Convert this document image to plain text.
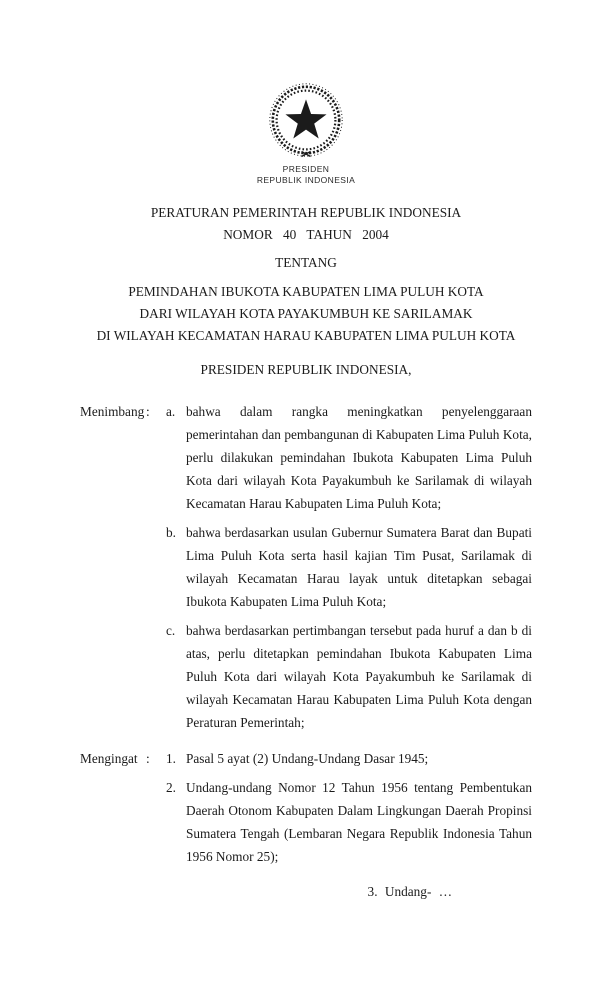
PRESIDEN
REPUBLIK INDONESIA
PERATURAN PEMERINTAH REPUBLIK INDONESIA
NOMOR 40 TAHUN 2004
TENTANG
PEMINDAHAN IBUKOTA KABUPATEN LIMA PULUH KOTA
DARI WILAYAH KOTA PAYAKUMBUH KE SARILAMAK
DI WILAYAH KECAMATAN HARAU KABUPATEN LIMA PULUH KOTA
PRESIDEN REPUBLIK INDONESIA,
Menimbang :	a. bahwa dalam rangka meningkatkan penyelenggaraan pemerintahan dan pembangunan di Kabupaten Lima Puluh Kota, perlu dilakukan pemindahan Ibukota Kabupaten Lima Puluh Kota dari wilayah Kota Payakumbuh ke Sarilamak di wilayah Kecamatan Harau Kabupaten Lima Puluh Kota;
b. bahwa berdasarkan usulan Gubernur Sumatera Barat dan Bupati Lima Puluh Kota serta hasil kajian Tim Pusat, Sarilamak di wilayah Kecamatan Harau layak untuk ditetapkan sebagai Ibukota Kabupaten Lima Puluh Kota;
c. bahwa berdasarkan pertimbangan tersebut pada huruf a dan b di atas, perlu ditetapkan pemindahan Ibukota Kabupaten Lima Puluh Kota dari wilayah Kota Payakumbuh ke Sarilamak di wilayah Kecamatan Harau Kabupaten Lima Puluh Kota dengan Peraturan Pemerintah;
Mengingat :	1. Pasal 5 ayat (2) Undang-Undang Dasar 1945;
2. Undang-undang Nomor 12 Tahun 1956 tentang Pembentukan Daerah Otonom Kabupaten Dalam Lingkungan Daerah Propinsi Sumatera Tengah (Lembaran Negara Republik Indonesia Tahun 1956 Nomor 25);
3. Undang- …
